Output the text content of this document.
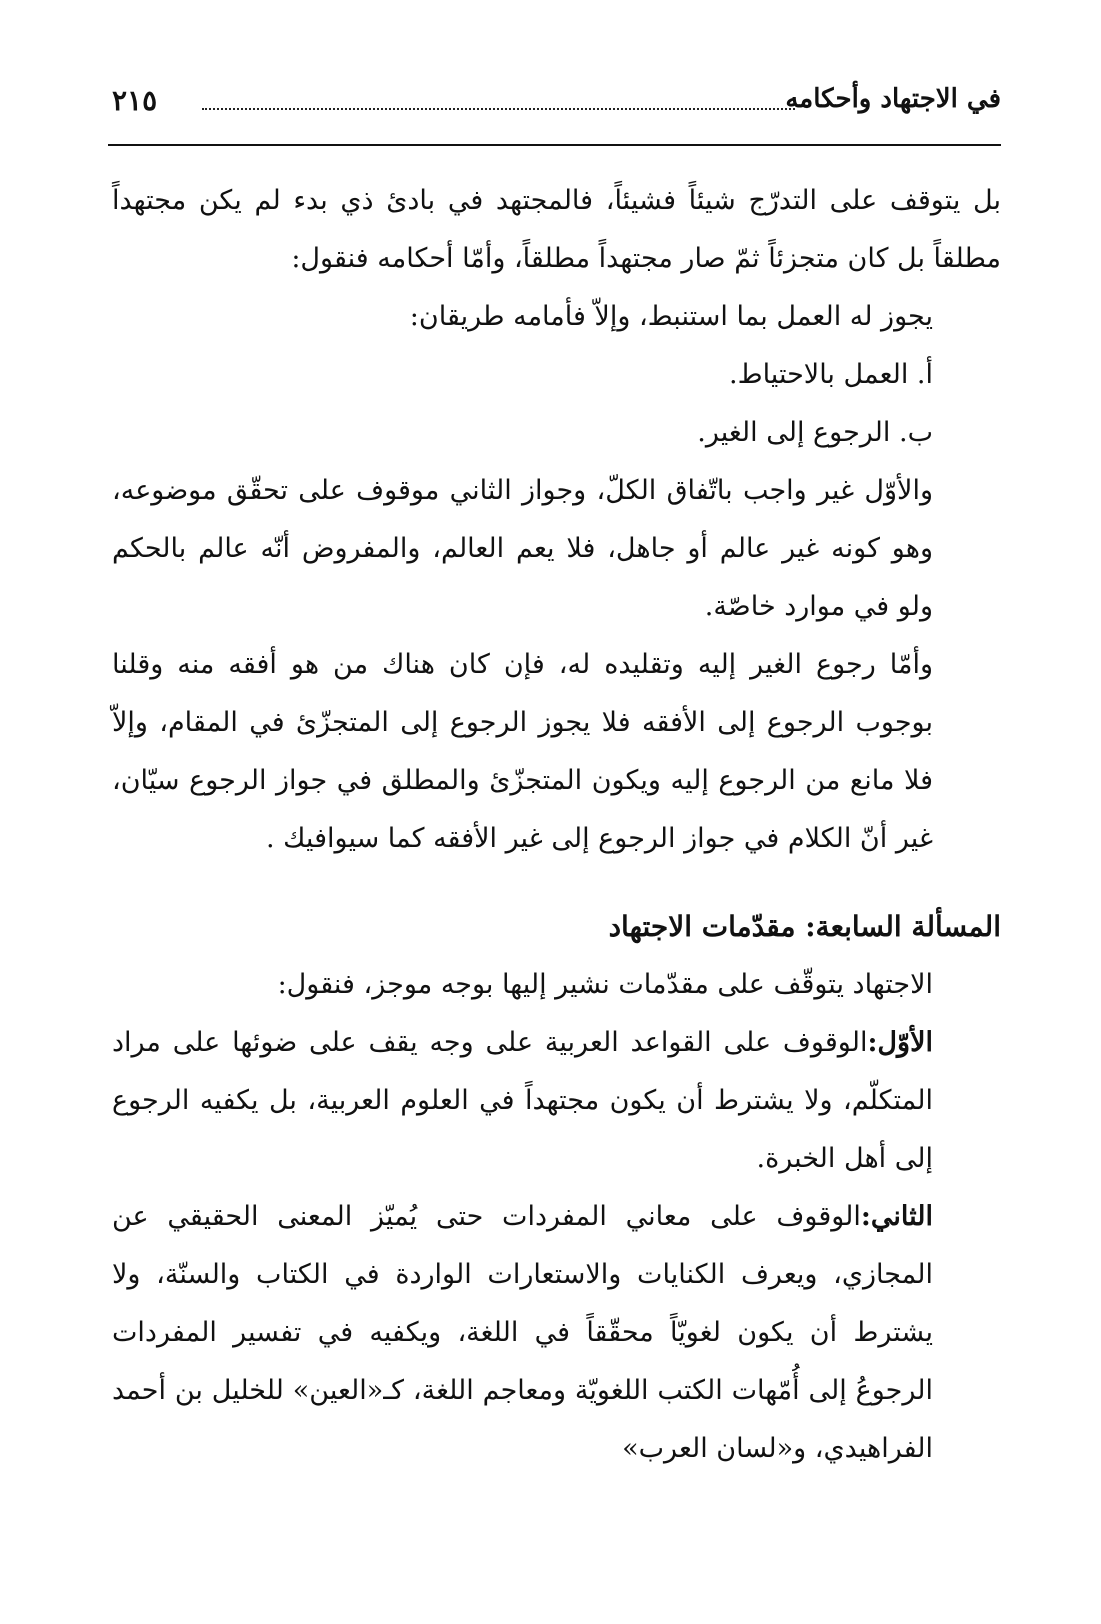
في الاجتهاد وأحكامه
٢١٥

بل يتوقف على التدرّج شيئاً فشيئاً، فالمجتهد في بادئ ذي بدء لم يكن مجتهداً مطلقاً بل كان متجزئاً ثمّ صار مجتهداً مطلقاً، وأمّا أحكامه فنقول:

يجوز له العمل بما استنبط، وإلاّ فأمامه طريقان:

أ. العمل بالاحتياط.

ب. الرجوع إلى الغير.

والأوّل غير واجب باتّفاق الكلّ، وجواز الثاني موقوف على تحقّق موضوعه، وهو كونه غير عالم أو جاهل، فلا يعم العالم، والمفروض أنّه عالم بالحكم ولو في موارد خاصّة.

وأمّا رجوع الغير إليه وتقليده له، فإن كان هناك من هو أفقه منه وقلنا بوجوب الرجوع إلى الأفقه فلا يجوز الرجوع إلى المتجزّئ في المقام، وإلاّ فلا مانع من الرجوع إليه ويكون المتجزّئ والمطلق في جواز الرجوع سيّان، غير أنّ الكلام في جواز الرجوع إلى غير الأفقه كما سيوافيك .

المسألة السابعة: مقدّمات الاجتهاد

الاجتهاد يتوقّف على مقدّمات نشير إليها بوجه موجز، فنقول:

الأوّل:الوقوف على القواعد العربية على وجه يقف على ضوئها على مراد المتكلّم، ولا يشترط أن يكون مجتهداً في العلوم العربية، بل يكفيه الرجوع إلى أهل الخبرة.

الثاني:الوقوف على معاني المفردات حتى يُميّز المعنى الحقيقي عن المجازي، ويعرف الكنايات والاستعارات الواردة في الكتاب والسنّة، ولا يشترط أن يكون لغويّاً محقّقاً في اللغة، ويكفيه في تفسير المفردات الرجوعُ إلى أُمّهات الكتب اللغويّة ومعاجم اللغة، كـ«العين» للخليل بن أحمد الفراهيدي، و«لسان العرب»
